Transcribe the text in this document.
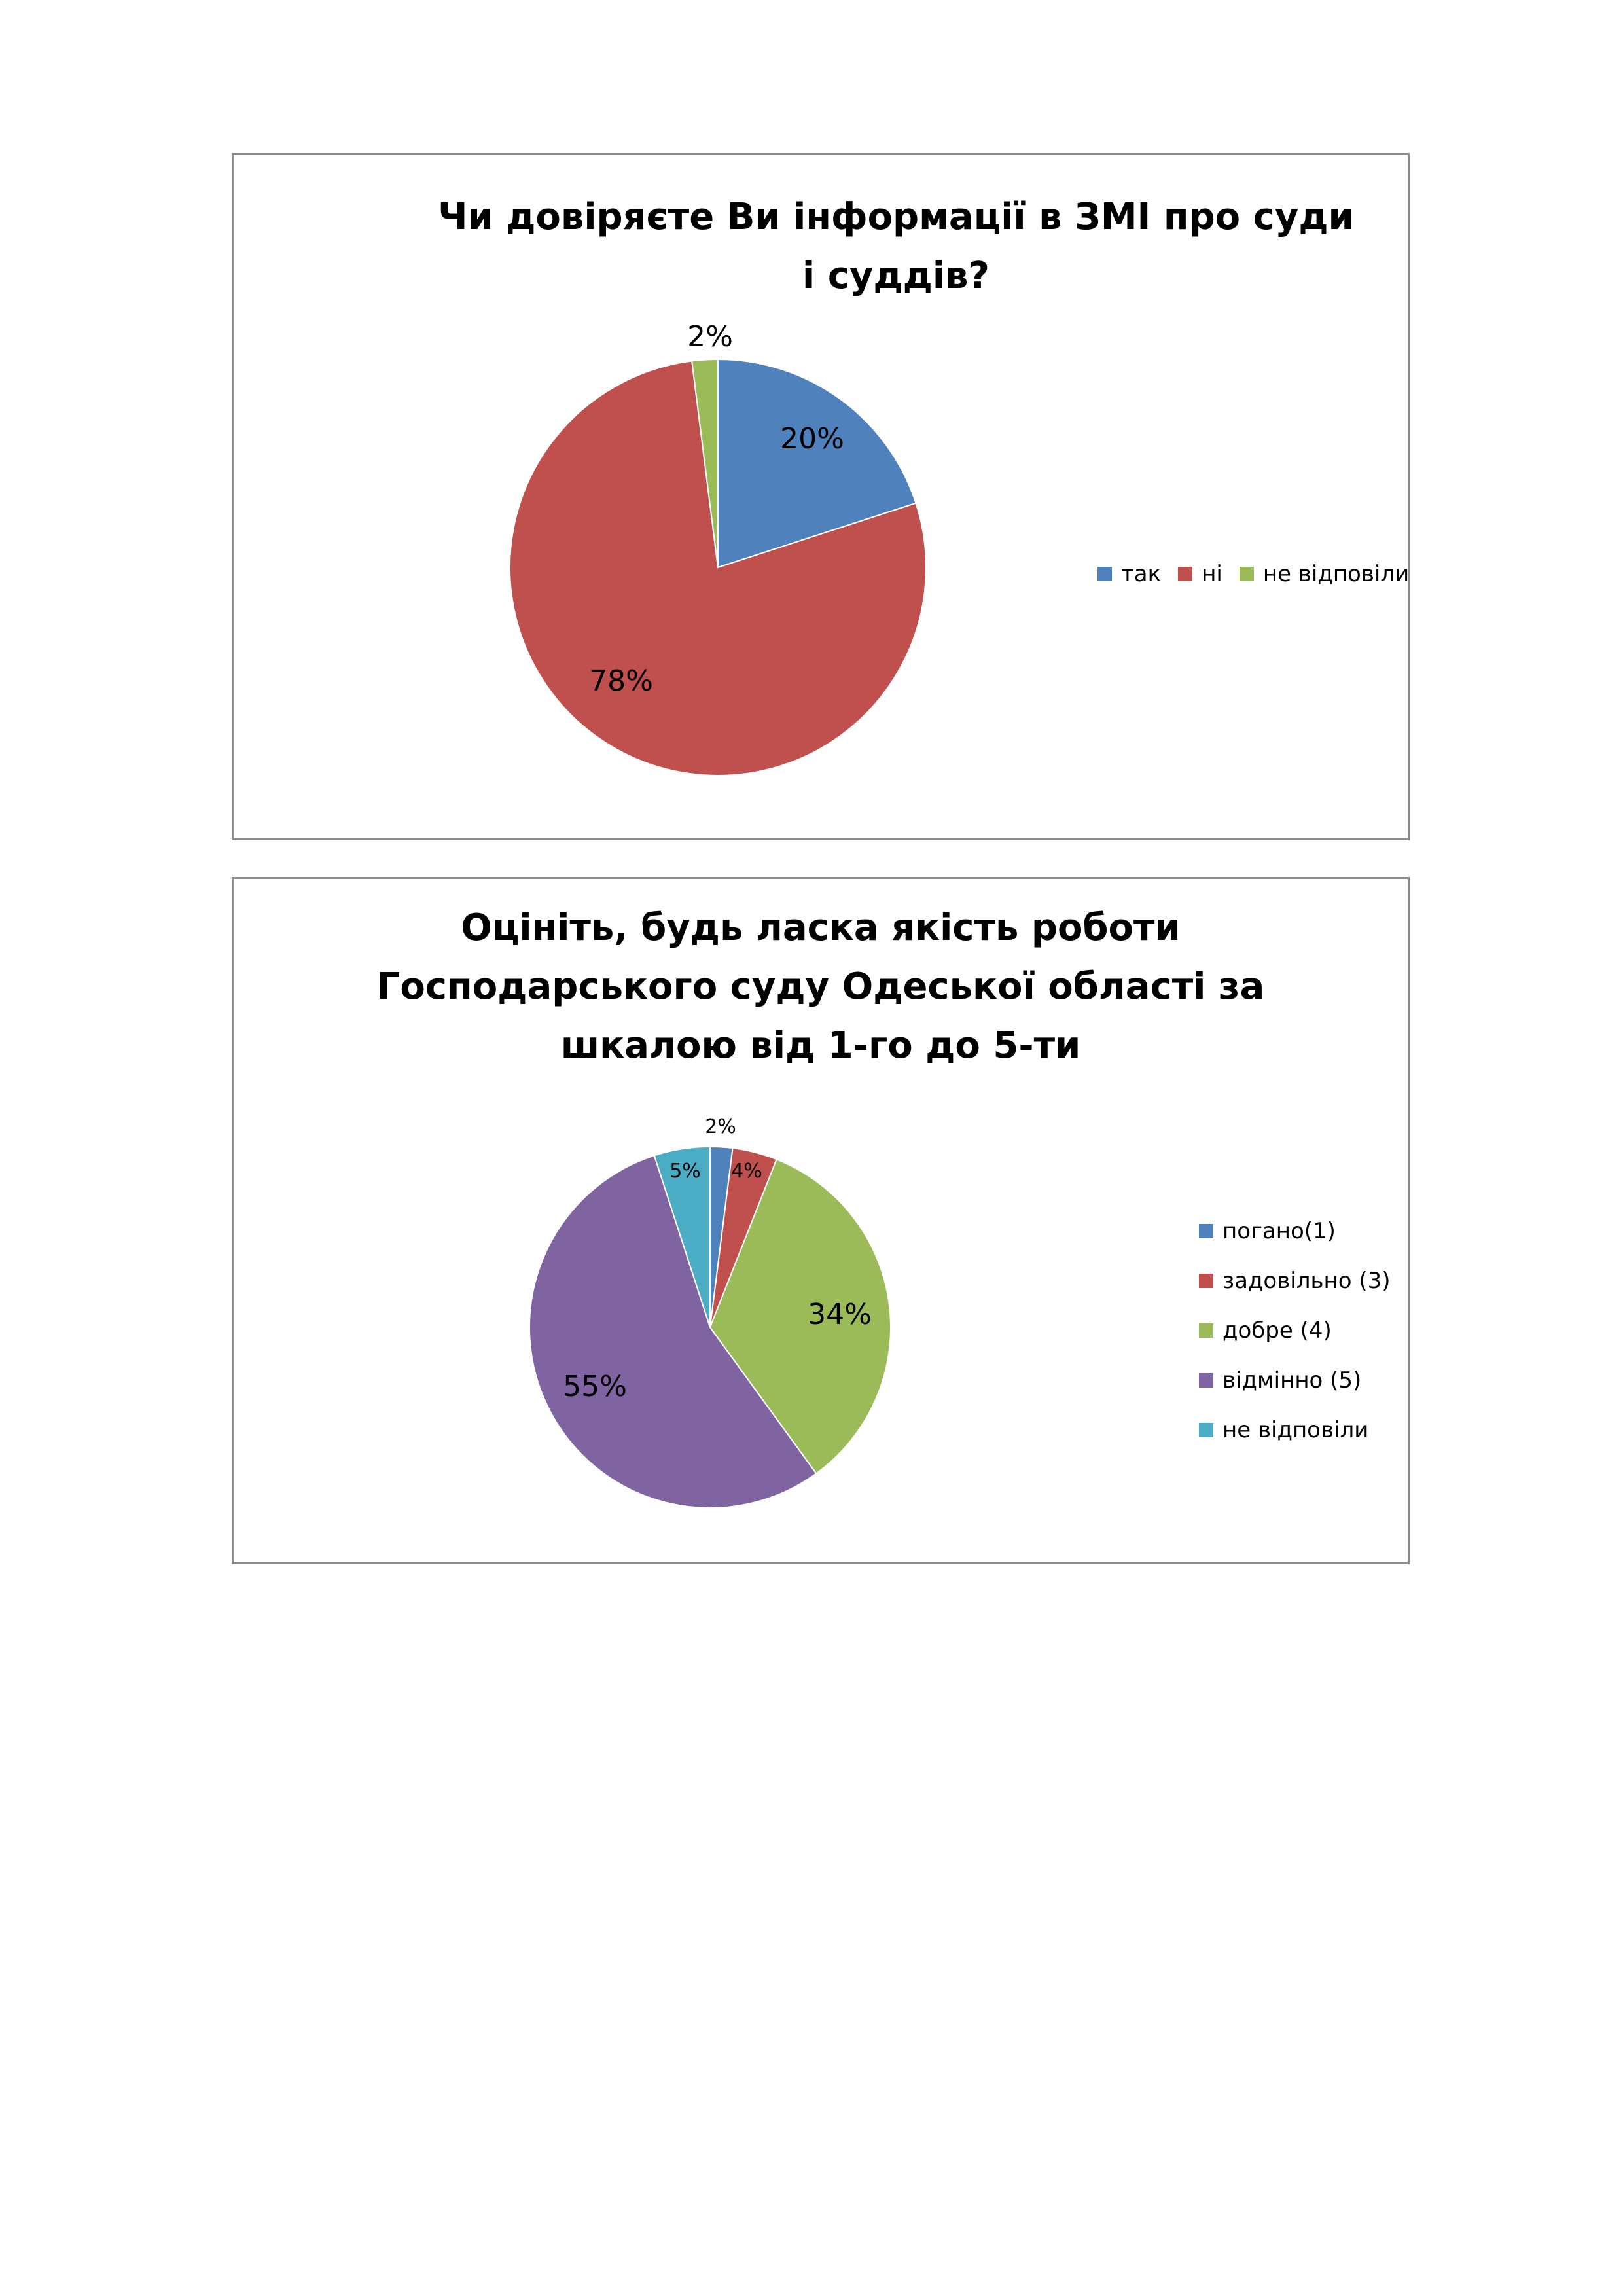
Чи довіряєте Ви інформації в ЗМІ про суди
і суддів?
20%
78%
2%
так ні не відповіли
Оцініть, будь ласка якість роботи
Господарського суду Одеської області за
шкалою від 1-го до 5-ти
2%
4%
34%
55%
5%
погано(1)
задовільно (3)
добре (4)
відмінно (5)
не відповіли
